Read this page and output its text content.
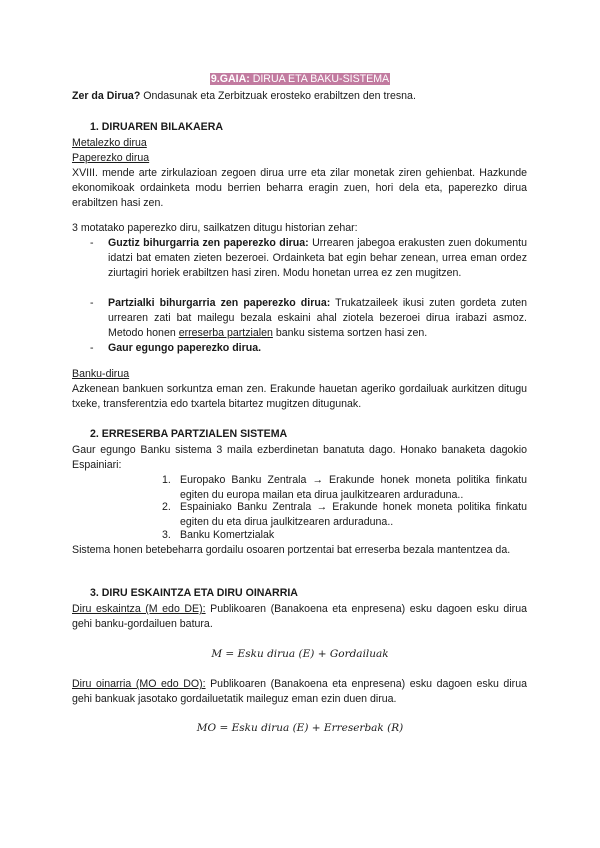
9.GAIA: DIRUA ETA BAKU-SISTEMA
Zer da Dirua? Ondasunak eta Zerbitzuak erosteko erabiltzen den tresna.
1. DIRUAREN BILAKAERA
Metalezko dirua
Paperezko dirua
XVIII. mende arte zirkulazioan zegoen dirua urre eta zilar monetak ziren gehienbat. Hazkunde ekonomikoak ordainketa modu berrien beharra eragin zuen, hori dela eta, paperezko dirua erabiltzen hasi zen.
3 motatako paperezko diru, sailkatzen ditugu historian zehar:
- Guztiz bihurgarria zen paperezko dirua: Urrearen jabegoa erakusten zuen dokumentu idatzi bat ematen zieten bezeroei. Ordainketa bat egin behar zenean, urrea eman ordez ziurtagiri horiek erabiltzen hasi ziren. Modu honetan urrea ez zen mugitzen.
- Partzialki bihurgarria zen paperezko dirua: Trukatzaileek ikusi zuten gordeta zuten urrearen zati bat mailegu bezala eskaini ahal ziotela bezeroei dirua irabazi asmoz. Metodo honen erreserba partzialen banku sistema sortzen hasi zen.
- Gaur egungo paperezko dirua.
Banku-dirua
Azkenean bankuen sorkuntza eman zen. Erakunde hauetan ageriko gordailuak aurkitzen ditugu txeke, transferentzia edo txartela bitartez mugitzen ditugunak.
2. ERRESERBA PARTZIALEN SISTEMA
Gaur egungo Banku sistema 3 maila ezberdinetan banatuta dago. Honako banaketa dagokio Espainiari:
1. Europako Banku Zentrala → Erakunde honek moneta politika finkatu egiten du europa mailan eta dirua jaulkitzearen arduraduna..
2. Espainiako Banku Zentrala → Erakunde honek moneta politika finkatu egiten du eta dirua jaulkitzearen arduraduna..
3. Banku Komertzialak
Sistema honen betebeharra gordailu osoaren portzentai bat erreserba bezala mantentzea da.
3. DIRU ESKAINTZA ETA DIRU OINARRIA
Diru eskaintza (M edo DE): Publikoaren (Banakoena eta enpresena) esku dagoen esku dirua gehi banku-gordailuen batura.
M = Esku dirua (E) + Gordailuak
Diru oinarria (MO edo DO): Publikoaren (Banakoena eta enpresena) esku dagoen esku dirua gehi bankuak jasotako gordailuetatik maileguz eman ezin duen dirua.
MO = Esku dirua (E) + Erreserbak (R)
